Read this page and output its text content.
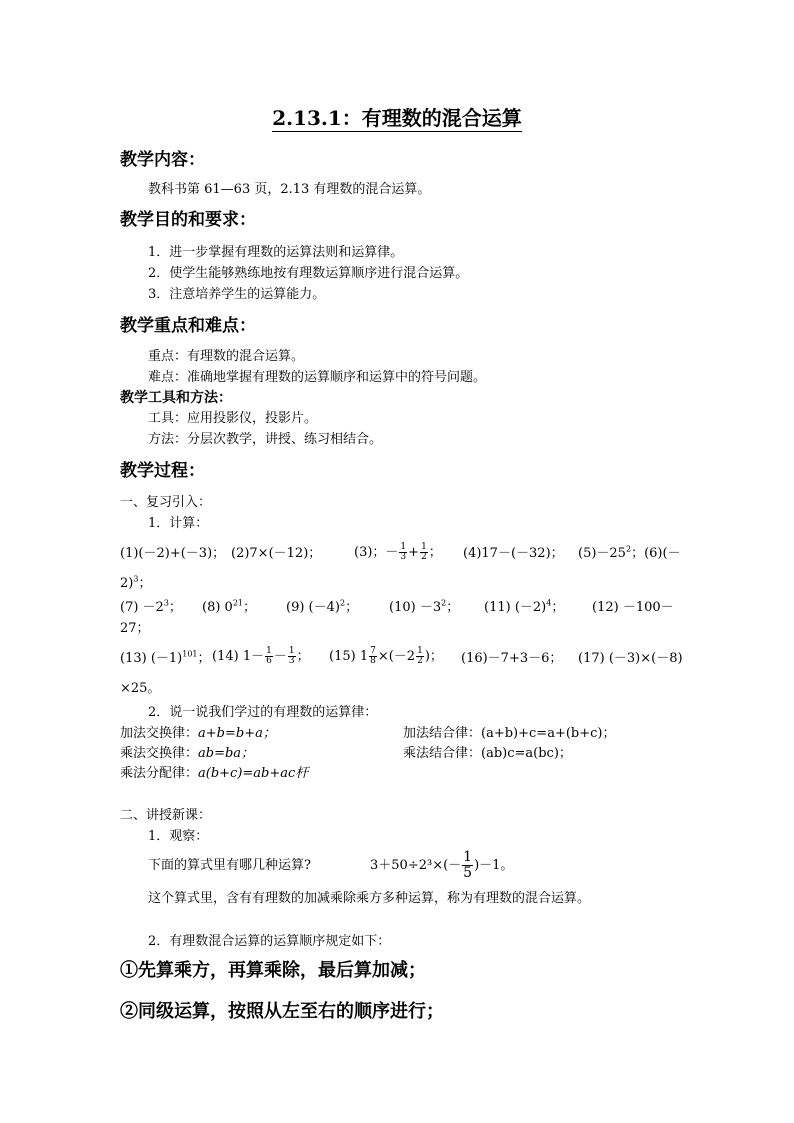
2.13.1：有理数的混合运算
教学内容：
教科书第 61—63 页，2.13 有理数的混合运算。
教学目的和要求：
1．进一步掌握有理数的运算法则和运算律。
2．使学生能够熟练地按有理数运算顺序进行混合运算。
3．注意培养学生的运算能力。
教学重点和难点：
重点：有理数的混合运算。
难点：准确地掌握有理数的运算顺序和运算中的符号问题。
教学工具和方法：
工具：应用投影仪，投影片。
方法：分层次教学，讲授、练习相结合。
教学过程：
一、复习引入：
1．计算：
(1)(－2)+(－3)； (2)7×(－12)；	(3)；－ $\frac{1}{3} + \frac{1}{2}$ ； (4)17－(－32)； $(5)-25^2$；(6)(－
2)$^3$；
$(7) -2^3$； (8) $0^{21}$； (9) $(-4)^2$； $(10) -3^2$； (11) $(-2)^4$； (12) －100－
27；
(13) $(-1)^{101}$； (14) $1- \frac{1}{6} - \frac{1}{3}$ ； (15) $1 \frac{7}{8} \times(-2 \frac{1}{2}$ )； (16)－7+3－6； (17) (－3)×(－8)
×25。
2．说一说我们学过的有理数的运算律：
加法交换律：a+b=b+a；	加法结合律：(a+b)+c=a+(b+c)；
乘法交换律：ab=ba；	乘法结合律：(ab)c=a(bc)；
乘法分配律：a(b+c)=ab+ac杆
二、讲授新课：
1．观察：
下面的算式里有哪几种运算?	$3+50\div 2^3\times(- \frac{1}{5} )-1$。
这个算式里，含有有理数的加减乘除乘方多种运算，称为有理数的混合运算。
2．有理数混合运算的运算顺序规定如下：
①先算乘方，再算乘除，最后算加减；
②同级运算，按照从左至右的顺序进行；
